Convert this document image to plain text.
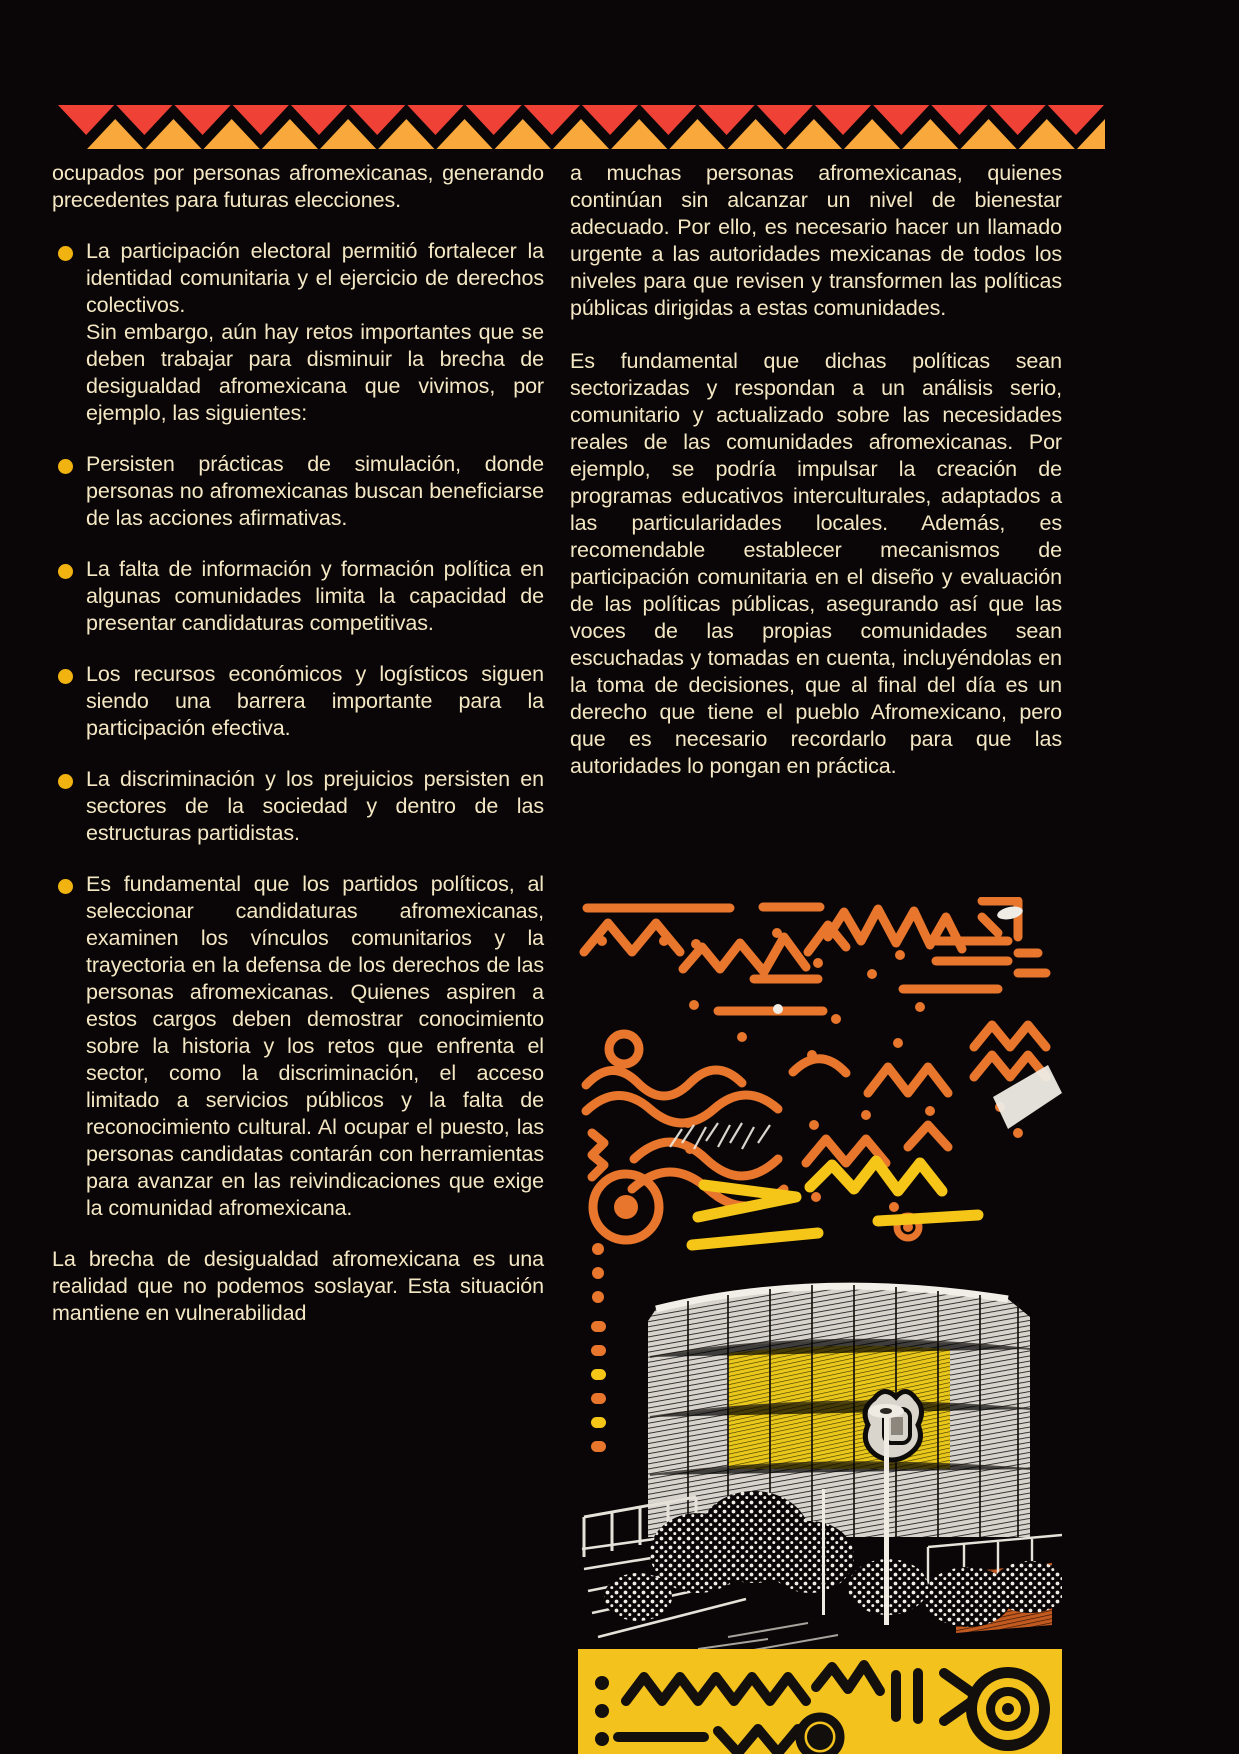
ocupados por personas afromexicanas, generando precedentes para futuras elecciones.
La participación electoral permitió fortalecer la identidad comunitaria y el ejercicio de derechos colectivos.
Sin embargo, aún hay retos importantes que se deben trabajar para disminuir la brecha de desigualdad afromexicana que vivimos, por ejemplo, las siguientes:
Persisten prácticas de simulación, donde personas no afromexicanas buscan beneficiarse de las acciones afirmativas.
La falta de información y formación política en algunas comunidades limita la capacidad de presentar candidaturas competitivas.
Los recursos económicos y logísticos siguen siendo una barrera importante para la participación efectiva.
La discriminación y los prejuicios persisten en sectores de la sociedad y dentro de las estructuras partidistas.
Es fundamental que los partidos políticos, al seleccionar candidaturas afromexicanas, examinen los vínculos comunitarios y la trayectoria en la defensa de los derechos de las personas afromexicanas. Quienes aspiren a estos cargos deben demostrar conocimiento sobre la historia y los retos que enfrenta el sector, como la discriminación, el acceso limitado a servicios públicos y la falta de reconocimiento cultural. Al ocupar el puesto, las personas candidatas contarán con herramientas para avanzar en las reivindicaciones que exige la comunidad afromexicana.
La brecha de desigualdad afromexicana es una realidad que no podemos soslayar. Esta situación mantiene en vulnerabilidad
a muchas personas afromexicanas, quienes continúan sin alcanzar un nivel de bienestar adecuado. Por ello, es necesario hacer un llamado urgente a las autoridades mexicanas de todos los niveles para que revisen y transformen las políticas públicas dirigidas a estas comunidades.
Es fundamental que dichas políticas sean sectorizadas y respondan a un análisis serio, comunitario y actualizado sobre las necesidades reales de las comunidades afromexicanas. Por ejemplo, se podría impulsar la creación de programas educativos interculturales, adaptados a las particularidades locales. Además, es recomendable establecer mecanismos de participación comunitaria en el diseño y evaluación de las políticas públicas, asegurando así que las voces de las propias comunidades sean escuchadas y tomadas en cuenta, incluyéndolas en la toma de decisiones, que al final del día es un derecho que tiene el pueblo Afromexicano, pero que es necesario recordarlo para que las autoridades lo pongan en práctica.
